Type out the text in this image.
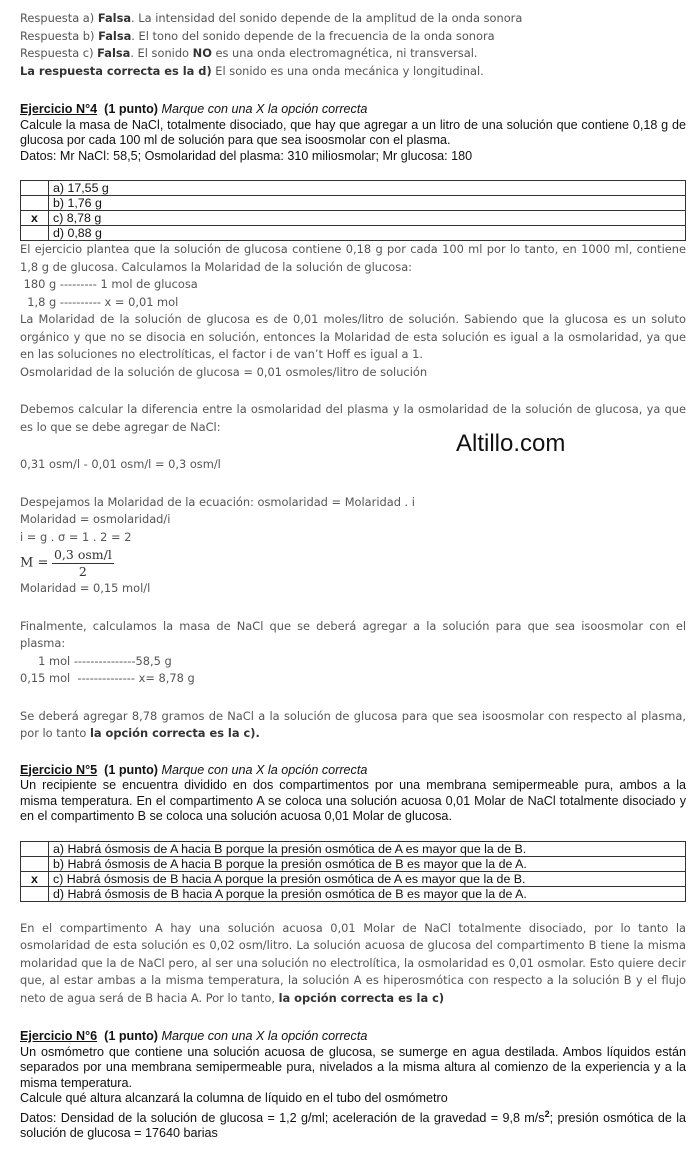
Altillo.com

Respuesta a) Falsa. La intensidad del sonido depende de la amplitud de la onda sonora

Respuesta b) Falsa. El tono del sonido depende de la frecuencia de la onda sonora

Respuesta c) Falsa. El sonido NO es una onda electromagnética, ni transversal.

La respuesta correcta es la d) El sonido es una onda mecánica y longitudinal.

Ejercicio N°4 (1 punto) Marque con una X la opción correcta

Calcule la masa de NaCl, totalmente disociado, que hay que agregar a un litro de una solución que contiene 0,18 g de glucosa por cada 100 ml de solución para que sea isoosmolar con el plasma.

Datos: Mr NaCl: 58,5; Osmolaridad del plasma: 310 miliosmolar; Mr glucosa: 180

	a) 17,55 g
	b) 1,76 g
x	c) 8,78 g
	d) 0,88 g

El ejercicio plantea que la solución de glucosa contiene 0,18 g por cada 100 ml por lo tanto, en 1000 ml, contiene 1,8 g de glucosa. Calculamos la Molaridad de la solución de glucosa:

180 g --------- 1 mol de glucosa

1,8 g ---------- x = 0,01 mol

La Molaridad de la solución de glucosa es de 0,01 moles/litro de solución. Sabiendo que la glucosa es un soluto orgánico y que no se disocia en solución, entonces la Molaridad de esta solución es igual a la osmolaridad, ya que en las soluciones no electrolíticas, el factor i de van’t Hoff es igual a 1.

Osmolaridad de la solución de glucosa = 0,01 osmoles/litro de solución

Debemos calcular la diferencia entre la osmolaridad del plasma y la osmolaridad de la solución de glucosa, ya que es lo que se debe agregar de NaCl:

0,31 osm/l - 0,01 osm/l = 0,3 osm/l

Despejamos la Molaridad de la ecuación: osmolaridad = Molaridad . i

Molaridad = osmolaridad/i

i = g . σ = 1 . 2 = 2

$M = \frac{\text{0,3 osm/l}}{2}$

Molaridad = 0,15 mol/l

Finalmente, calculamos la masa de NaCl que se deberá agregar a la solución para que sea isoosmolar con el plasma:

1 mol ---------------58,5 g

0,15 mol  -------------- x= 8,78 g

Se deberá agregar 8,78 gramos de NaCl a la solución de glucosa para que sea isoosmolar con respecto al plasma, por lo tanto la opción correcta es la c).

Ejercicio N°5 (1 punto) Marque con una X la opción correcta

Un recipiente se encuentra dividido en dos compartimentos por una membrana semipermeable pura, ambos a la misma temperatura. En el compartimento A se coloca una solución acuosa 0,01 Molar de NaCl totalmente disociado y en el compartimento B se coloca una solución acuosa 0,01 Molar de glucosa.

	a) Habrá ósmosis de A hacia B porque la presión osmótica de A es mayor que la de B.
	b) Habrá ósmosis de A hacia B porque la presión osmótica de B es mayor que la de A.
x	c) Habrá ósmosis de B hacia A porque la presión osmótica de A es mayor que la de B.
	d) Habrá ósmosis de B hacia A porque la presión osmótica de B es mayor que la de A.

En el compartimento A hay una solución acuosa 0,01 Molar de NaCl totalmente disociado, por lo tanto la osmolaridad de esta solución es 0,02 osm/litro. La solución acuosa de glucosa del compartimento B tiene la misma molaridad que la de NaCl pero, al ser una solución no electrolítica, la osmolaridad es 0,01 osmolar. Esto quiere decir que, al estar ambas a la misma temperatura, la solución A es hiperosmótica con respecto a la solución B y el flujo neto de agua será de B hacia A. Por lo tanto, la opción correcta es la c)

Ejercicio N°6 (1 punto) Marque con una X la opción correcta

Un osmómetro que contiene una solución acuosa de glucosa, se sumerge en agua destilada. Ambos líquidos están separados por una membrana semipermeable pura, nivelados a la misma altura al comienzo de la experiencia y a la misma temperatura.

Calcule qué altura alcanzará la columna de líquido en el tubo del osmómetro

Datos: Densidad de la solución de glucosa = 1,2 g/ml; aceleración de la gravedad = 9,8 $m/s^2$; presión osmótica de la solución de glucosa = 17640 barias
